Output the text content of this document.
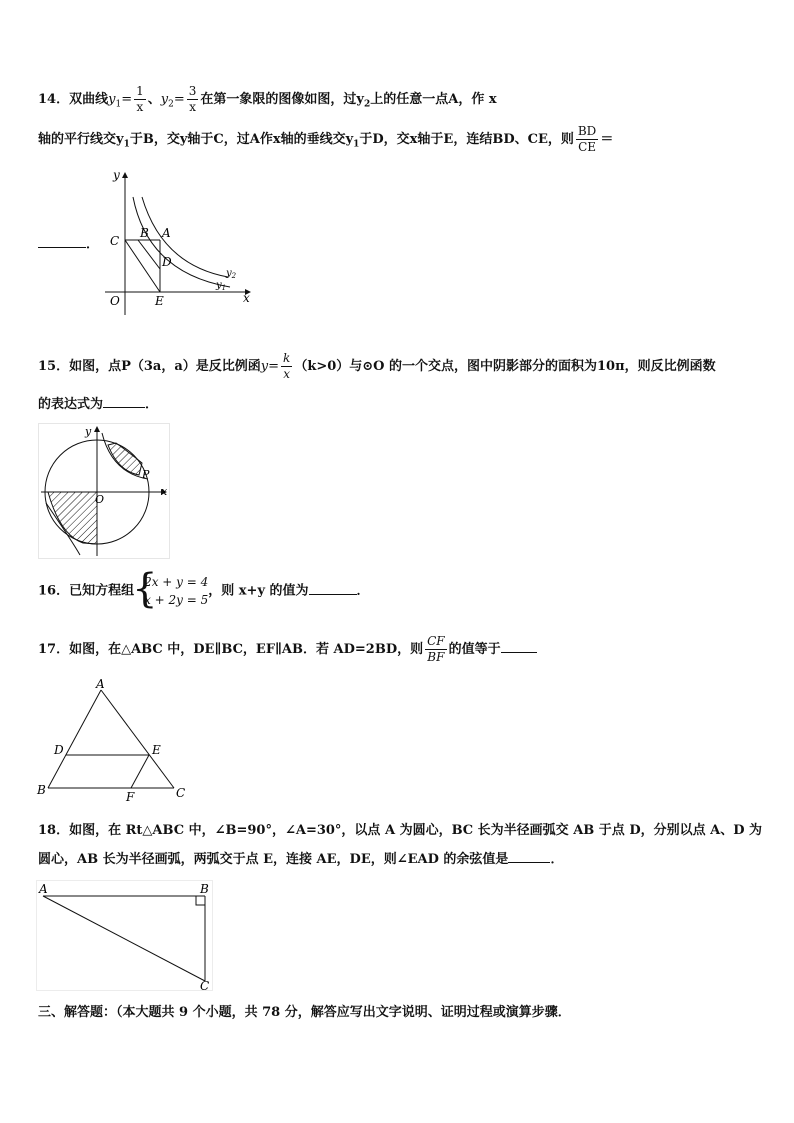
14．双曲线$y_1= \frac{1}{x}$ 、$y_2= \frac{3}{x}$ 在第一象限的图像如图，过$y_2$上的任意一点A，作 x
轴的平行线交$y_1$于B，交y轴于C，过A作x轴的垂线交$y_1$于D，交x轴于E，连结BD、CE，则 $\frac{BD}{CE}$ ＝
．
y
x
O
C
B A
D
E
$y_2$
$y_1$
15．如图，点P（3a，a）是反比例函$y= \frac{k}{x} (k>0)$与⊙O 的一个交点，图中阴影部分的面积为10π，则反比例函数
的表达式为	．
y
x
O
P
16．已知方程组
{ 2x + y = 4
x + 2y = 5
，则 x+y 的值为	．
17．如图，在△ABC 中，DE∥BC，EF∥AB．若 AD=2BD，则 $\frac{CF}{BF}$ 的值等于
A
D	E
B	F	C
18．如图，在 Rt△ABC 中，∠B=90°，∠A=30°，以点 A 为圆心，BC 长为半径画弧交 AB 于点 D，分别以点 A、D 为
圆心，AB 长为半径画弧，两弧交于点 E，连接 AE，DE，则∠EAD 的余弦值是	．
A	B
C
三、解答题：（本大题共 9 个小题，共 78 分，解答应写出文字说明、证明过程或演算步骤．
